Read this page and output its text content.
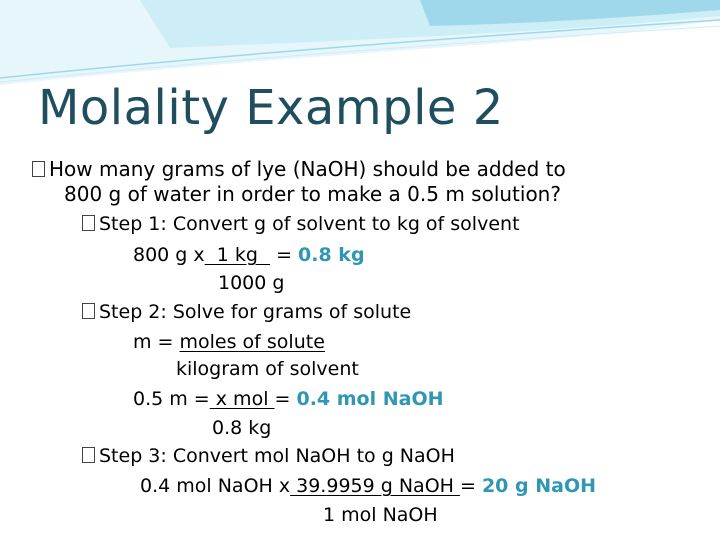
Molality Example 2
How many grams of lye (NaOH) should be added to
800 g of water in order to make a 0.5 m solution?
Step 1: Convert g of solvent to kg of solvent
800 g x  1 kg   = 0.8 kg
1000 g
Step 2: Solve for grams of solute
m = moles of solute
kilogram of solvent
0.5 m = x mol = 0.4 mol NaOH
0.8 kg
Step 3: Convert mol NaOH to g NaOH
0.4 mol NaOH x 39.9959 g NaOH = 20 g NaOH
1 mol NaOH
